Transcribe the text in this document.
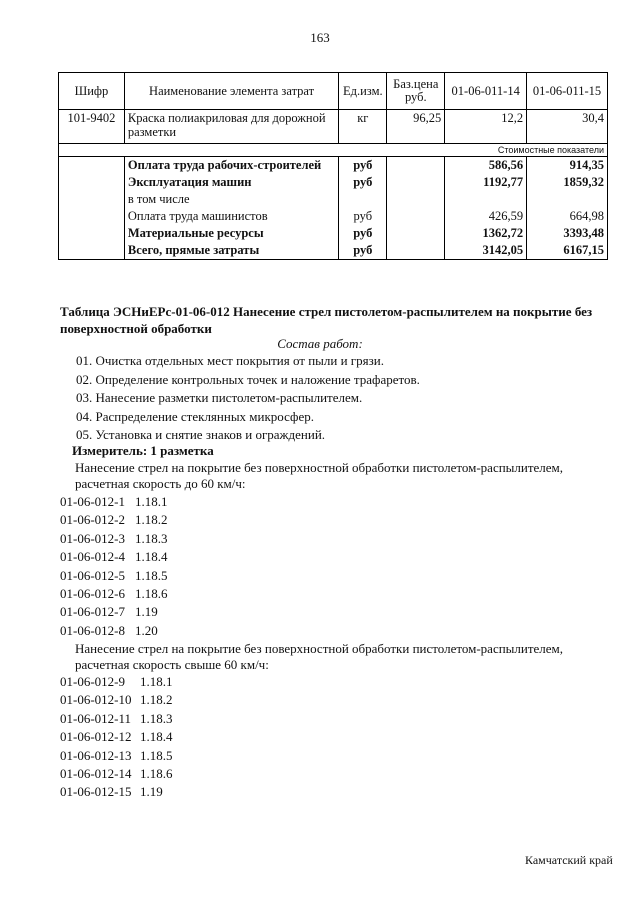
163
Шифр	Наименование элемента затрат	Ед.изм.	Баз.цена руб.	01-06-011-14	01-06-011-15
101-9402	Краска полиакриловая для дорожной разметки	кг	96,25	12,2	30,4
				Стоимостные показатели	
	Оплата труда рабочих-строителей	руб		586,56	914,35
	Эксплуатация машин	руб		1192,77	1859,32
	в том числе				
	Оплата труда машинистов	руб		426,59	664,98
	Материальные ресурсы	руб		1362,72	3393,48
	Всего, прямые затраты	руб		3142,05	6167,15
Таблица ЭСНиЕРс-01-06-012 Нанесение стрел пистолетом-распылителем на покрытие без поверхностной обработки
Состав работ:
01. Очистка отдельных мест покрытия от пыли и грязи.
02. Определение контрольных точек и наложение трафаретов.
03. Нанесение разметки пистолетом-распылителем.
04. Распределение стеклянных микросфер.
05. Установка и снятие знаков и ограждений.
Измеритель: 1 разметка
Нанесение стрел на покрытие без поверхностной обработки пистолетом-распылителем, расчетная скорость до 60 км/ч:
01-06-012-1 1.18.1
01-06-012-2 1.18.2
01-06-012-3 1.18.3
01-06-012-4 1.18.4
01-06-012-5 1.18.5
01-06-012-6 1.18.6
01-06-012-7 1.19
01-06-012-8 1.20
Нанесение стрел на покрытие без поверхностной обработки пистолетом-распылителем, расчетная скорость свыше 60 км/ч:
01-06-012-9 1.18.1
01-06-012-10 1.18.2
01-06-012-11 1.18.3
01-06-012-12 1.18.4
01-06-012-13 1.18.5
01-06-012-14 1.18.6
01-06-012-15 1.19
Камчатский край
